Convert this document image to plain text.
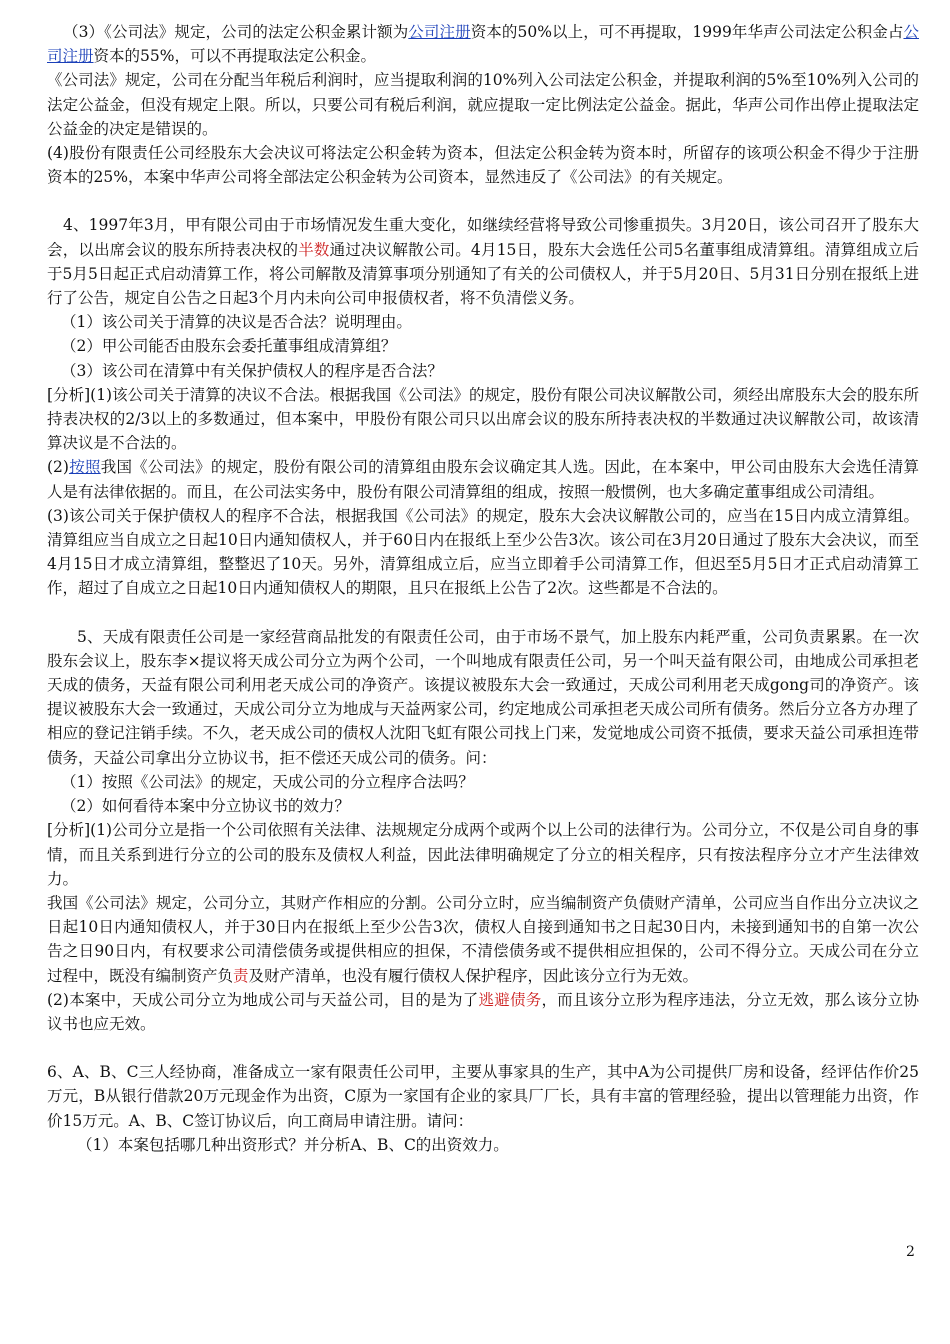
（3）《公司法》规定，公司的法定公积金累计额为公司注册资本的50%以上，可不再提取，1999年华声公司法定公积金占公司注册资本的55%，可以不再提取法定公积金。

《公司法》规定，公司在分配当年税后利润时，应当提取利润的10%列入公司法定公积金，并提取利润的5%至10%列入公司的法定公益金，但没有规定上限。所以，只要公司有税后利润，就应提取一定比例法定公益金。据此，华声公司作出停止提取法定公益金的决定是错误的。

(4)股份有限责任公司经股东大会决议可将法定公积金转为资本，但法定公积金转为资本时，所留存的该项公积金不得少于注册资本的25%，本案中华声公司将全部法定公积金转为公司资本，显然违反了《公司法》的有关规定。

4、1997年3月，甲有限公司由于市场情况发生重大变化，如继续经营将导致公司惨重损失。3月20日，该公司召开了股东大会，以出席会议的股东所持表决权的半数通过决议解散公司。4月15日，股东大会选任公司5名董事组成清算组。清算组成立后于5月5日起正式启动清算工作，将公司解散及清算事项分别通知了有关的公司债权人，并于5月20日、5月31日分别在报纸上进行了公告，规定自公告之日起3个月内未向公司申报债权者，将不负清偿义务。

（1）该公司关于清算的决议是否合法？说明理由。

（2）甲公司能否由股东会委托董事组成清算组？

（3）该公司在清算中有关保护债权人的程序是否合法？

[分析](1)该公司关于清算的决议不合法。根据我国《公司法》的规定，股份有限公司决议解散公司，须经出席股东大会的股东所持表决权的2/3以上的多数通过，但本案中，甲股份有限公司只以出席会议的股东所持表决权的半数通过决议解散公司，故该清算决议是不合法的。

(2)按照我国《公司法》的规定，股份有限公司的清算组由股东会议确定其人选。因此，在本案中，甲公司由股东大会选任清算人是有法律依据的。而且，在公司法实务中，股份有限公司清算组的组成，按照一般惯例，也大多确定董事组成公司清组。

(3)该公司关于保护债权人的程序不合法，根据我国《公司法》的规定，股东大会决议解散公司的，应当在15日内成立清算组。清算组应当自成立之日起10日内通知债权人，并于60日内在报纸上至少公告3次。该公司在3月20日通过了股东大会决议，而至4月15日才成立清算组，整整迟了10天。另外，清算组成立后，应当立即着手公司清算工作，但迟至5月5日才正式启动清算工作，超过了自成立之日起10日内通知债权人的期限，且只在报纸上公告了2次。这些都是不合法的。

5、天成有限责任公司是一家经营商品批发的有限责任公司，由于市场不景气，加上股东内耗严重，公司负责累累。在一次股东会议上，股东李×提议将天成公司分立为两个公司，一个叫地成有限责任公司，另一个叫天益有限公司，由地成公司承担老天成的债务，天益有限公司利用老天成公司的净资产。该提议被股东大会一致通过，天成公司利用老天成gong司的净资产。该提议被股东大会一致通过，天成公司分立为地成与天益两家公司，约定地成公司承担老天成公司所有债务。然后分立各方办理了相应的登记注销手续。不久，老天成公司的债权人沈阳飞虹有限公司找上门来，发觉地成公司资不抵债，要求天益公司承担连带债务，天益公司拿出分立协议书，拒不偿还天成公司的债务。问：

（1）按照《公司法》的规定，天成公司的分立程序合法吗？

（2）如何看待本案中分立协议书的效力？

[分析](1)公司分立是指一个公司依照有关法律、法规规定分成两个或两个以上公司的法律行为。公司分立，不仅是公司自身的事情，而且关系到进行分立的公司的股东及债权人利益，因此法律明确规定了分立的相关程序，只有按法程序分立才产生法律效力。

我国《公司法》规定，公司分立，其财产作相应的分割。公司分立时，应当编制资产负债财产清单，公司应当自作出分立决议之日起10日内通知债权人，并于30日内在报纸上至少公告3次，债权人自接到通知书之日起30日内，未接到通知书的自第一次公告之日90日内，有权要求公司清偿债务或提供相应的担保，不清偿债务或不提供相应担保的，公司不得分立。天成公司在分立过程中，既没有编制资产负责及财产清单，也没有履行债权人保护程序，因此该分立行为无效。

(2)本案中，天成公司分立为地成公司与天益公司，目的是为了逃避债务，而且该分立形为程序违法，分立无效，那么该分立协议书也应无效。

6、A、B、C三人经协商，准备成立一家有限责任公司甲，主要从事家具的生产，其中A为公司提供厂房和设备，经评估作价25万元，B从银行借款20万元现金作为出资，C原为一家国有企业的家具厂厂长，具有丰富的管理经验，提出以管理能力出资，作价15万元。A、B、C签订协议后，向工商局申请注册。请问：

（1）本案包括哪几种出资形式？并分析A、B、C的出资效力。

2
